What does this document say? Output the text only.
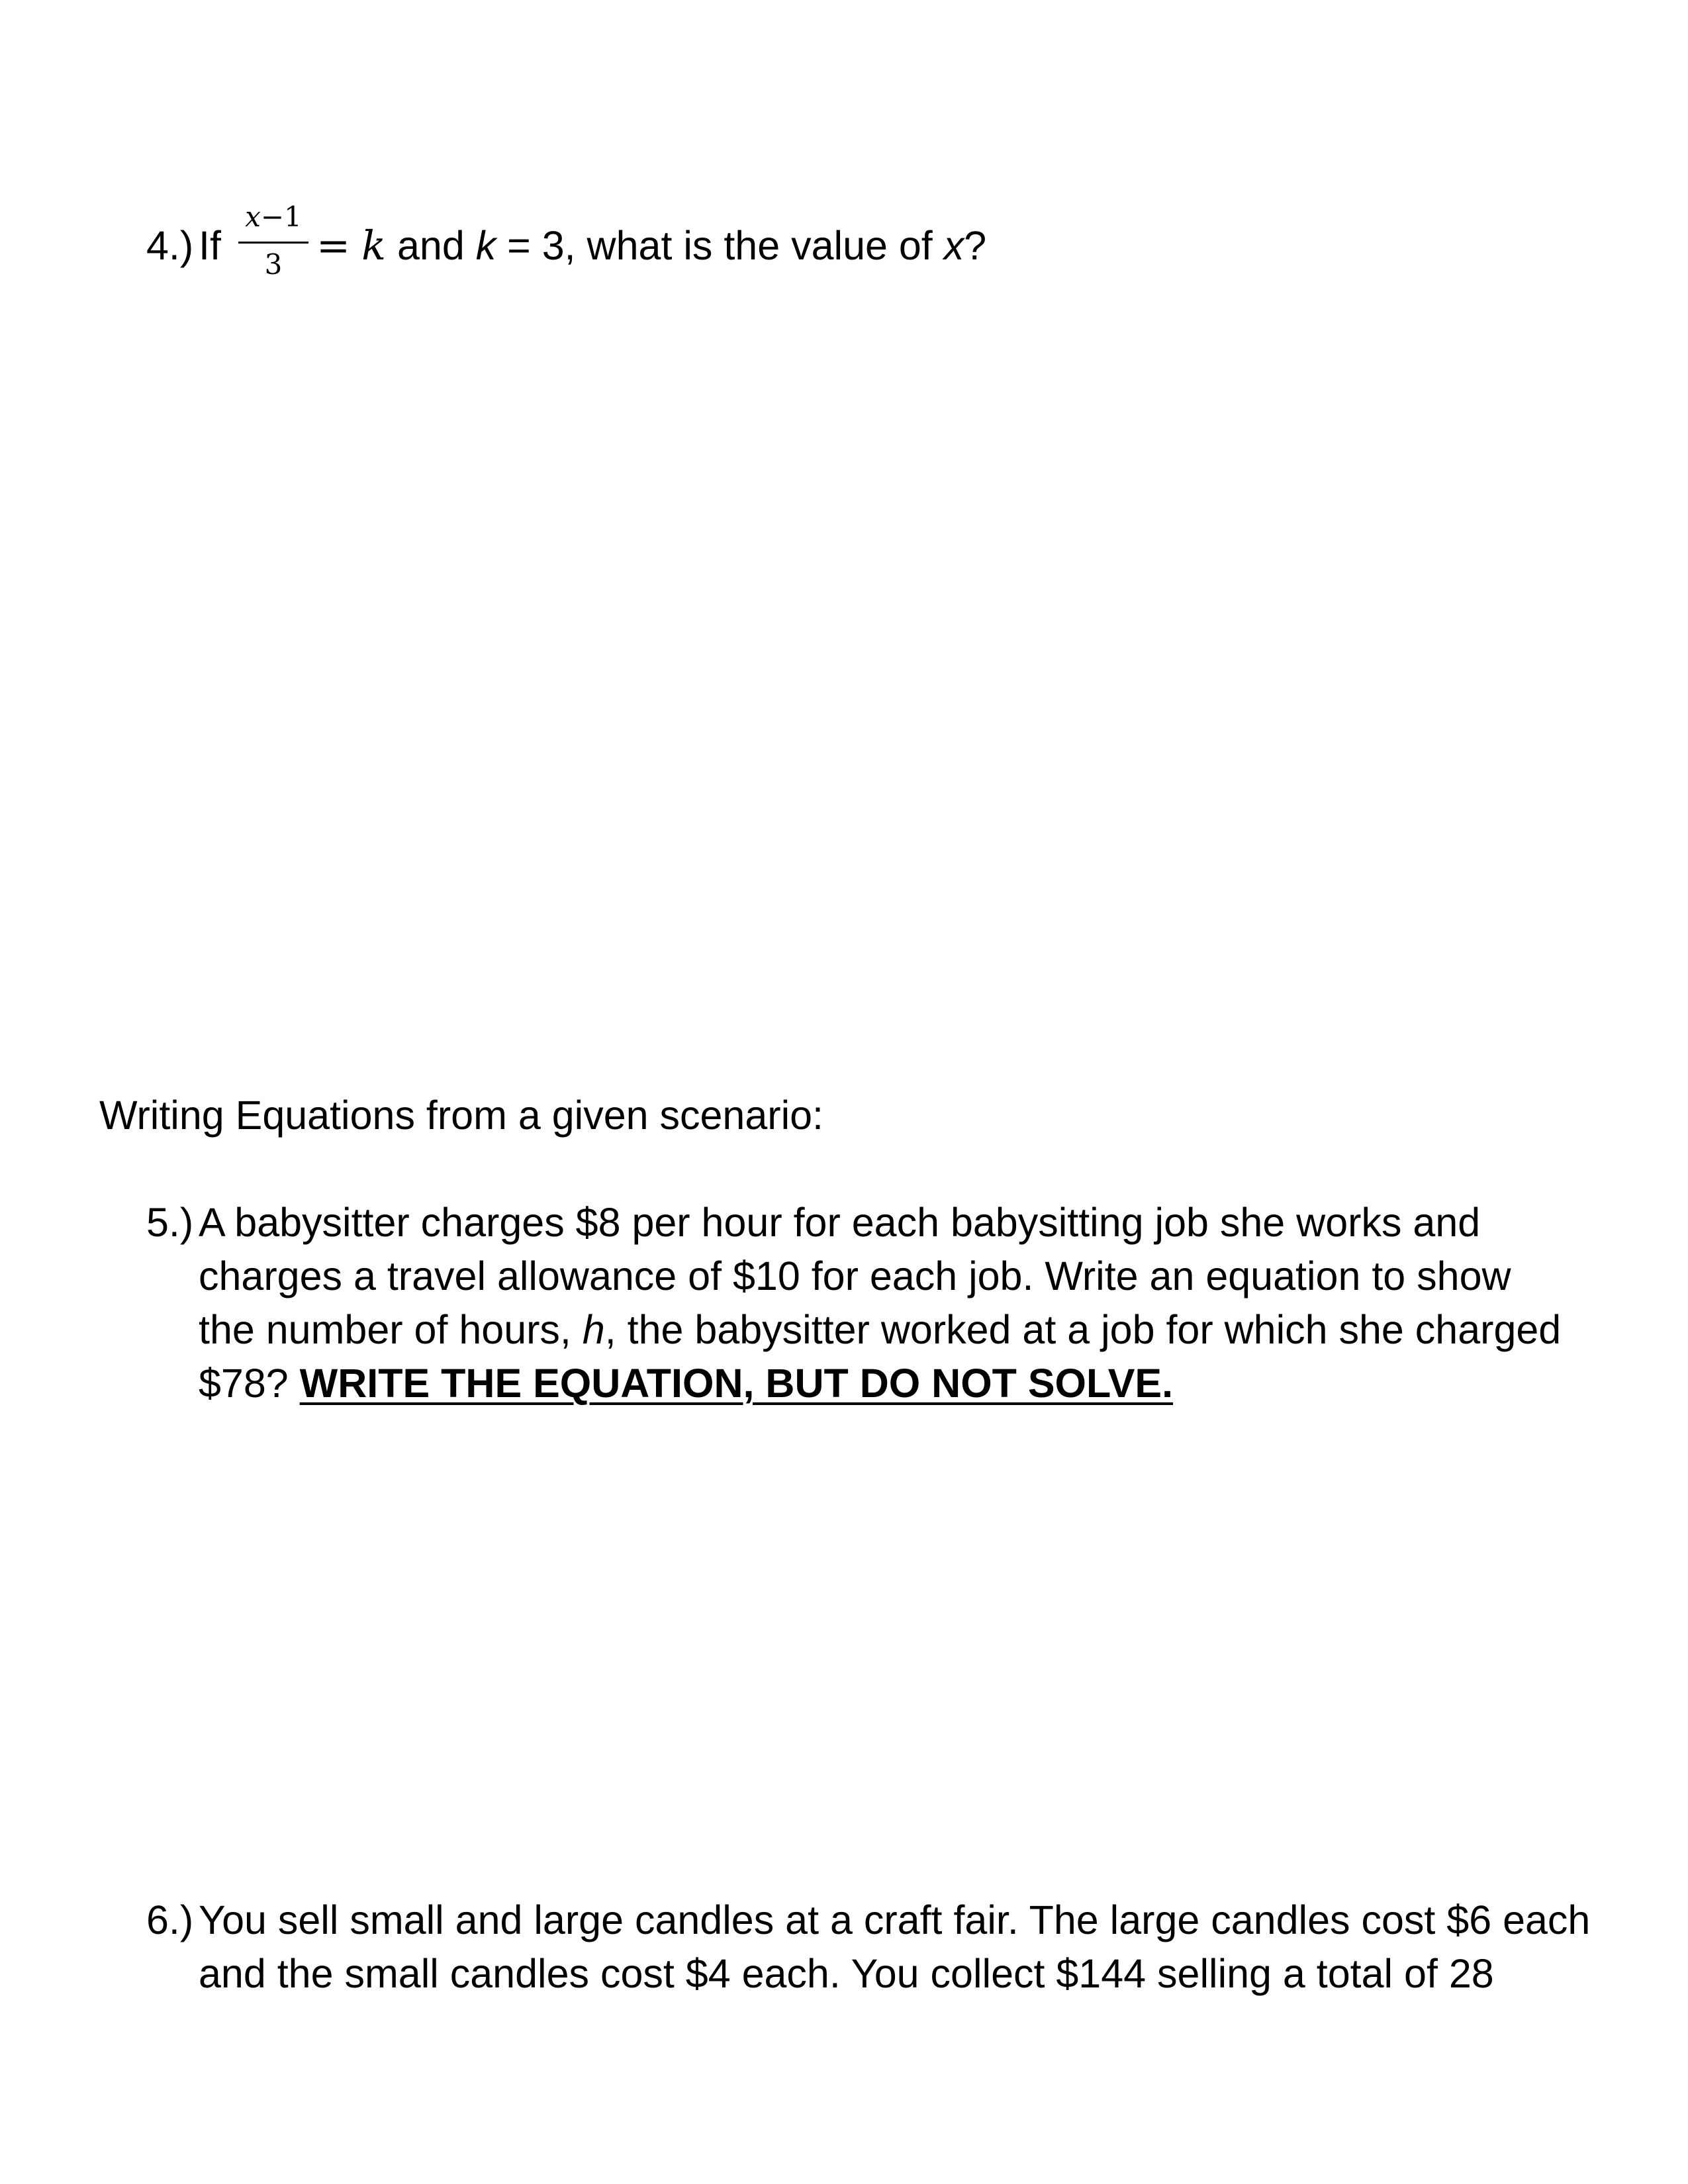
4.) If
x−1
3 = k and k = 3, what is the value of x?
Writing Equations from a given scenario:
5.) A babysitter charges $8 per hour for each babysitting job she works and
charges a travel allowance of $10 for each job. Write an equation to show
the number of hours, h, the babysitter worked at a job for which she charged
$78? WRITE THE EQUATION, BUT DO NOT SOLVE.
6.) You sell small and large candles at a craft fair. The large candles cost $6 each
and the small candles cost $4 each. You collect $144 selling a total of 28
